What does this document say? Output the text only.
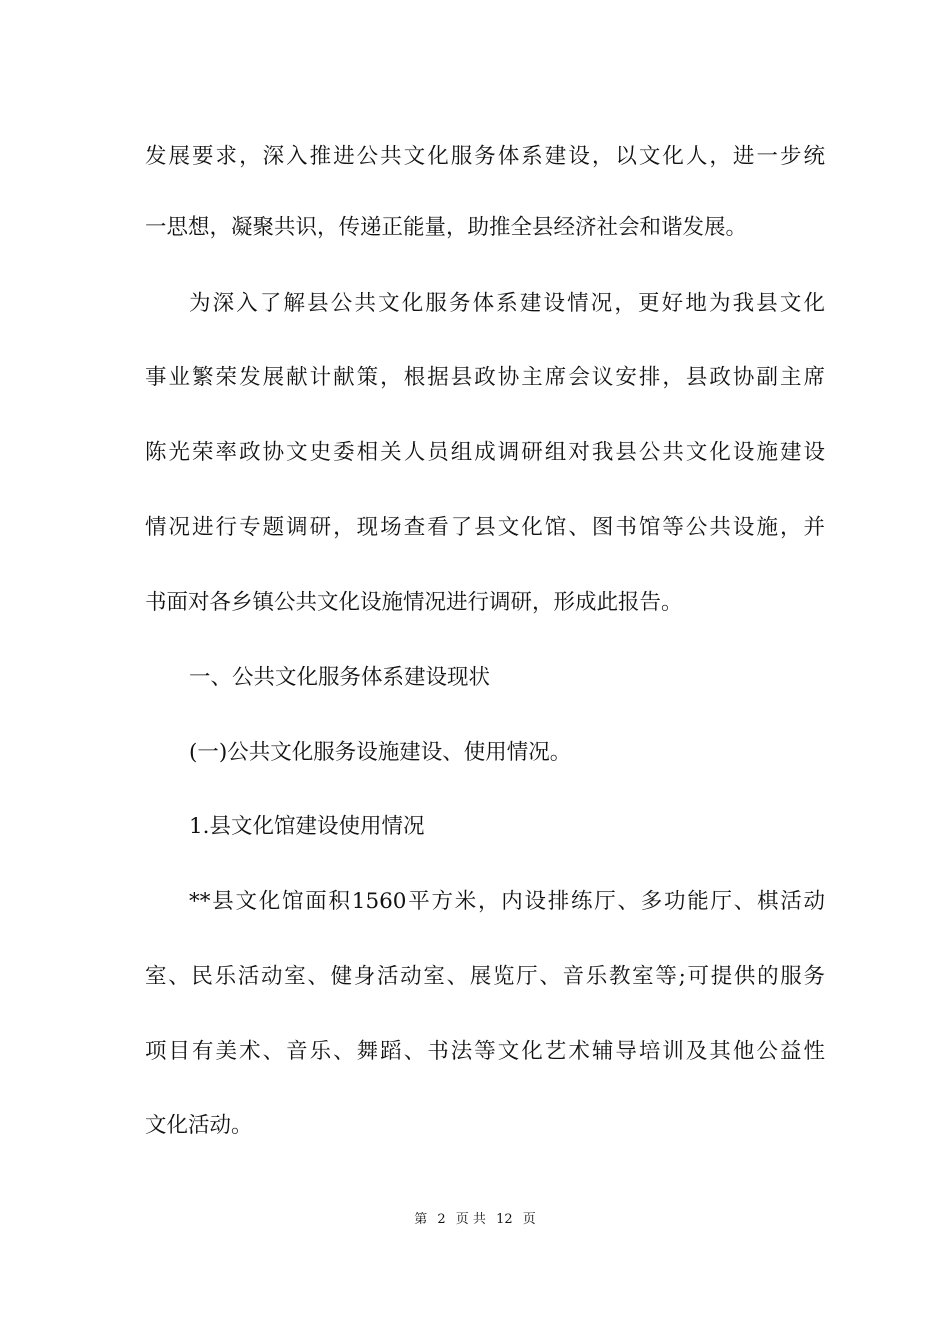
发展要求，深入推进公共文化服务体系建设，以文化人，进一步统

一思想，凝聚共识，传递正能量，助推全县经济社会和谐发展。

为深入了解县公共文化服务体系建设情况，更好地为我县文化

事业繁荣发展献计献策，根据县政协主席会议安排，县政协副主席

陈光荣率政协文史委相关人员组成调研组对我县公共文化设施建设

情况进行专题调研，现场查看了县文化馆、图书馆等公共设施，并

书面对各乡镇公共文化设施情况进行调研，形成此报告。

一、公共文化服务体系建设现状

(一)公共文化服务设施建设、使用情况。

1.县文化馆建设使用情况

**县文化馆面积1560平方米，内设排练厅、多功能厅、棋活动

室、民乐活动室、健身活动室、展览厅、音乐教室等;可提供的服务

项目有美术、音乐、舞蹈、书法等文化艺术辅导培训及其他公益性

文化活动。

第 2 页 共 12 页
